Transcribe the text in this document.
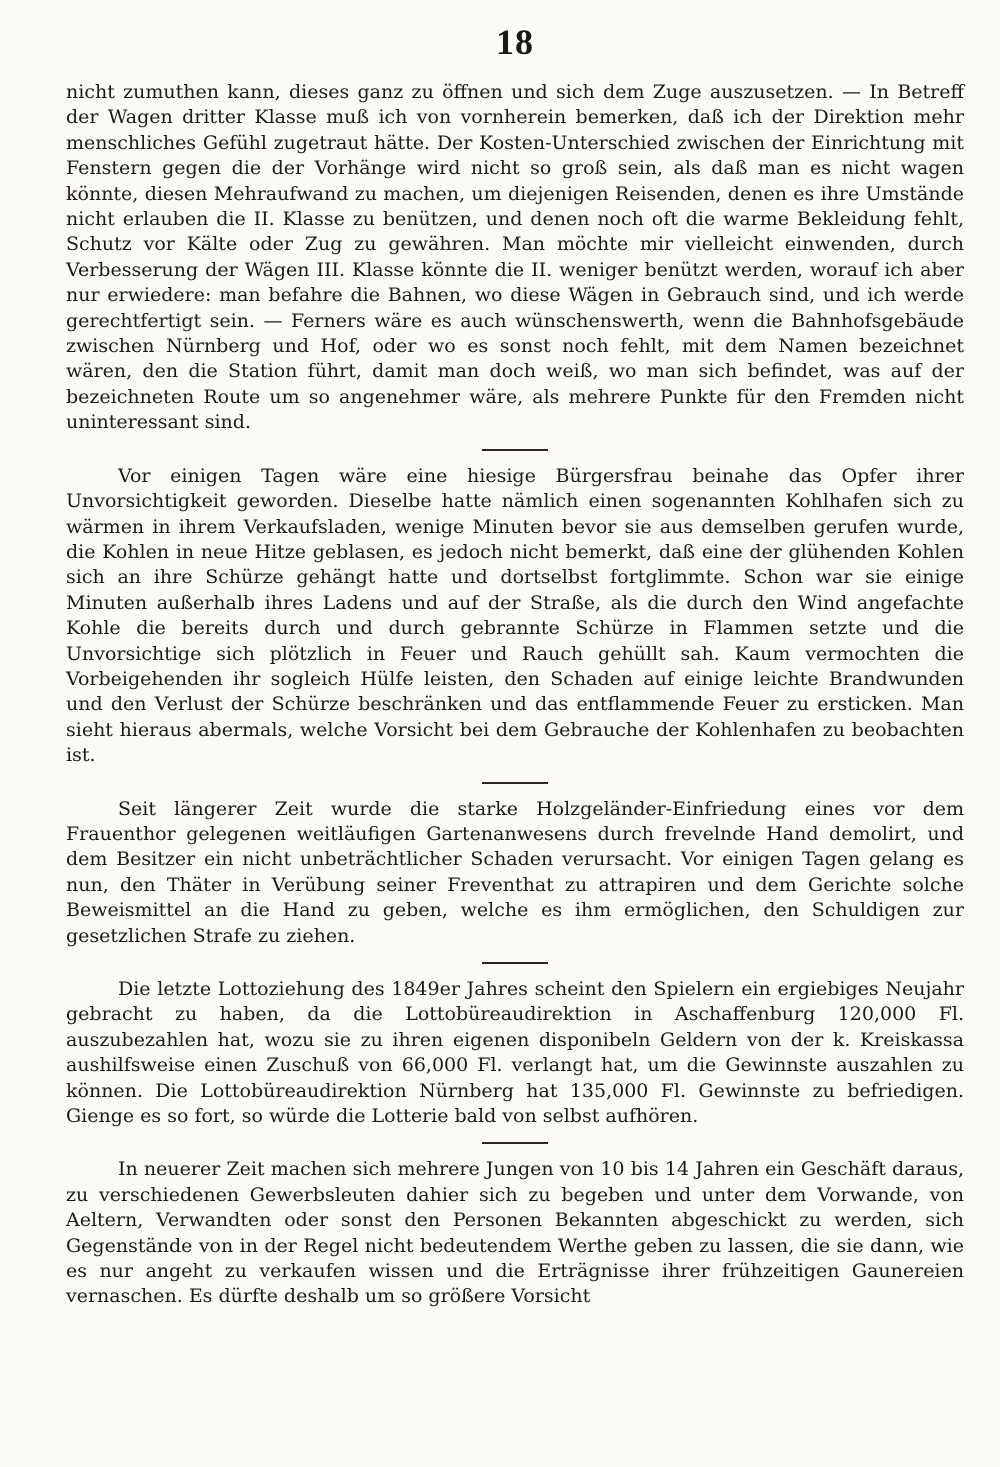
18

nicht zumuthen kann, dieses ganz zu öffnen und sich dem Zuge auszusetzen. — In Betreff der Wagen dritter Klasse muß ich von vornherein bemerken, daß ich der Direktion mehr menschliches Gefühl zugetraut hätte. Der Kosten-Unterschied zwischen der Einrichtung mit Fenstern gegen die der Vorhänge wird nicht so groß sein, als daß man es nicht wagen könnte, diesen Mehraufwand zu machen, um diejenigen Reisenden, denen es ihre Umstände nicht erlauben die II. Klasse zu benützen, und denen noch oft die warme Bekleidung fehlt, Schutz vor Kälte oder Zug zu gewähren. Man möchte mir vielleicht einwenden, durch Verbesserung der Wägen III. Klasse könnte die II. weniger benützt werden, worauf ich aber nur erwiedere: man befahre die Bahnen, wo diese Wägen in Gebrauch sind, und ich werde gerechtfertigt sein. — Ferners wäre es auch wünschenswerth, wenn die Bahnhofsgebäude zwischen Nürnberg und Hof, oder wo es sonst noch fehlt, mit dem Namen bezeichnet wären, den die Station führt, damit man doch weiß, wo man sich befindet, was auf der bezeichneten Route um so angenehmer wäre, als mehrere Punkte für den Fremden nicht uninteressant sind.

Vor einigen Tagen wäre eine hiesige Bürgersfrau beinahe das Opfer ihrer Unvorsichtigkeit geworden. Dieselbe hatte nämlich einen sogenannten Kohlhafen sich zu wärmen in ihrem Verkaufsladen, wenige Minuten bevor sie aus demselben gerufen wurde, die Kohlen in neue Hitze geblasen, es jedoch nicht bemerkt, daß eine der glühenden Kohlen sich an ihre Schürze gehängt hatte und dortselbst fortglimmte. Schon war sie einige Minuten außerhalb ihres Ladens und auf der Straße, als die durch den Wind angefachte Kohle die bereits durch und durch gebrannte Schürze in Flammen setzte und die Unvorsichtige sich plötzlich in Feuer und Rauch gehüllt sah. Kaum vermochten die Vorbeigehenden ihr sogleich Hülfe leisten, den Schaden auf einige leichte Brandwunden und den Verlust der Schürze beschränken und das entflammende Feuer zu ersticken. Man sieht hieraus abermals, welche Vorsicht bei dem Gebrauche der Kohlenhafen zu beobachten ist.

Seit längerer Zeit wurde die starke Holzgeländer-Einfriedung eines vor dem Frauenthor gelegenen weitläufigen Gartenanwesens durch frevelnde Hand demolirt, und dem Besitzer ein nicht unbeträchtlicher Schaden verursacht. Vor einigen Tagen gelang es nun, den Thäter in Verübung seiner Freventhat zu attrapiren und dem Gerichte solche Beweismittel an die Hand zu geben, welche es ihm ermöglichen, den Schuldigen zur gesetzlichen Strafe zu ziehen.

Die letzte Lottoziehung des 1849er Jahres scheint den Spielern ein ergiebiges Neujahr gebracht zu haben, da die Lottobüreaudirektion in Aschaffenburg 120,000 Fl. auszubezahlen hat, wozu sie zu ihren eigenen disponibeln Geldern von der k. Kreiskassa aushilfsweise einen Zuschuß von 66,000 Fl. verlangt hat, um die Gewinnste auszahlen zu können. Die Lottobüreaudirektion Nürnberg hat 135,000 Fl. Gewinnste zu befriedigen. Gienge es so fort, so würde die Lotterie bald von selbst aufhören.

In neuerer Zeit machen sich mehrere Jungen von 10 bis 14 Jahren ein Geschäft daraus, zu verschiedenen Gewerbsleuten dahier sich zu begeben und unter dem Vorwande, von Aeltern, Verwandten oder sonst den Personen Bekannten abgeschickt zu werden, sich Gegenstände von in der Regel nicht bedeutendem Werthe geben zu lassen, die sie dann, wie es nur angeht zu verkaufen wissen und die Erträgnisse ihrer frühzeitigen Gaunereien vernaschen. Es dürfte deshalb um so größere Vorsicht
